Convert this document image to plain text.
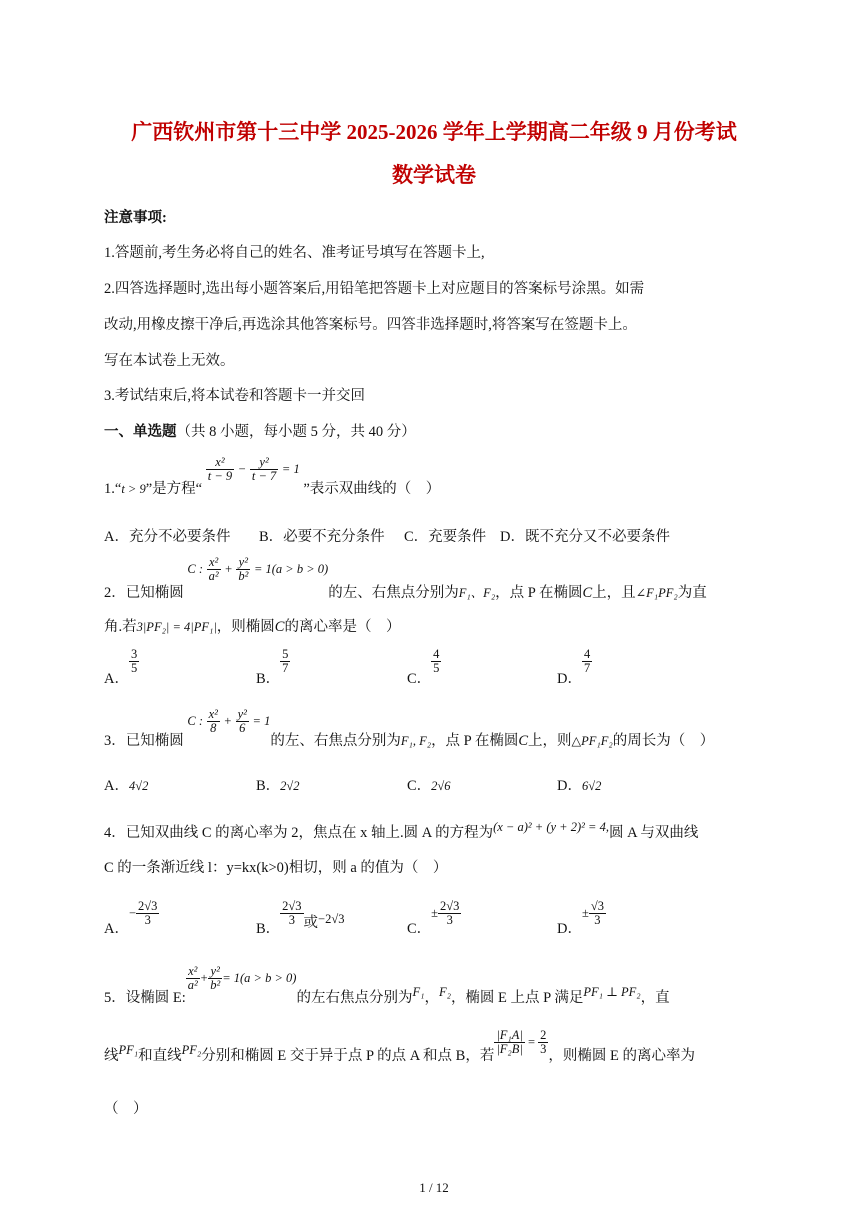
广西钦州市第十三中学 2025-2026 学年上学期高二年级 9 月份考试
数学试卷
注意事项:
1.答题前,考生务必将自己的姓名、准考证号填写在答题卡上,
2.四答选择题时,选出每小题答案后,用铅笔把答题卡上对应题目的答案标号涂黑。如需
改动,用橡皮擦干净后,再选涂其他答案标号。四答非选择题时,将答案写在签题卡上。
写在本试卷上无效。
3.考试结束后,将本试卷和答题卡一并交回
一、单选题（共 8 小题，每小题 5 分，共 40 分）
1.“t > 9”是方程“
$\frac{\text{x²}}{t - 9} - \frac{\text{y²}}{t - 7} = 1$ ”表示双曲线的（　）
A．充分不必要条件 B．必要不充分条件 C．充要条件 D．既不充分又不必要条件
2．已知椭圆 C : $\frac{\text{x²}}{\text{a²}} + \frac{\text{y²}}{\text{b²}} = 1(a > b > 0)$的左、右焦点分别为F₁、F₂，点 P 在椭圆C上，且∠F₁PF₂为直
角.若3|PF₂| = 4|PF₁|，则椭圆C的离心率是（　）
A．
$\frac{3}{5}$
B．
$\frac{5}{7}$
C．
$\frac{4}{5}$
D．
$\frac{4}{7}$
3．已知椭圆 C : $\frac{\text{x²}}{8} + \frac{\text{y²}}{6} = 1$的左、右焦点分别为F₁, F₂，点 P 在椭圆C上，则△PF₁F₂的周长为（　）
A．4√2	B．2√2	C．2√6	D．6√2
4．已知双曲线 C 的离心率为 2，焦点在 x 轴上.圆 A 的方程为(x − a)² + (y + 2)² = 4,圆 A 与双曲线
C 的一条渐近线 l：y=kx(k>0)相切，则 a 的值为（　）
A．− $\frac{2√3}{3}$
B．
$\frac{2√3}{3}$ 或−2√3
C．± $\frac{2√3}{3}$
D．± $\frac{√3}{3}$
5．设椭圆 E:
$\frac{\text{x²}}{\text{a²}} + \frac{\text{y²}}{\text{b²}} = 1(a > b > 0)$的左右焦点分别为F₁，F₂，椭圆 E 上点 P 满足PF₁ ⊥ PF₂，直
线PF₁和直线PF₂分别和椭圆 E 交于异于点 P 的点 A 和点 B，若 $\frac{\text{|F₁A|}}{\text{|F₂B|}} = \frac{2}{3}$ ，则椭圆 E 的离心率为
（　）
1 / 12
